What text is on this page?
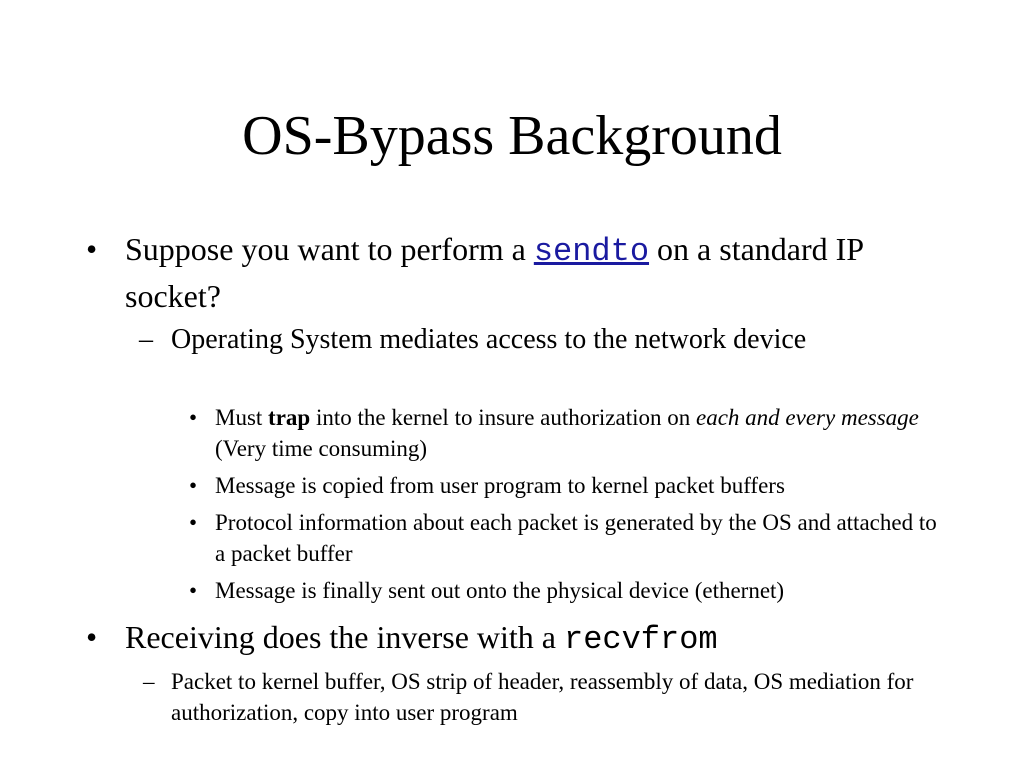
OS-Bypass Background
• Suppose you want to perform a sendto on a standard IP socket?

– Operating System mediates access to the network device

• Must trap into the kernel to insure authorization on each and every message (Very time consuming)

• Message is copied from user program to kernel packet buffers

• Protocol information about each packet is generated by the OS and attached to a packet buffer

• Message is finally sent out onto the physical device (ethernet)

• Receiving does the inverse with a recvfrom

– Packet to kernel buffer, OS strip of header, reassembly of data, OS mediation for authorization, copy into user program
